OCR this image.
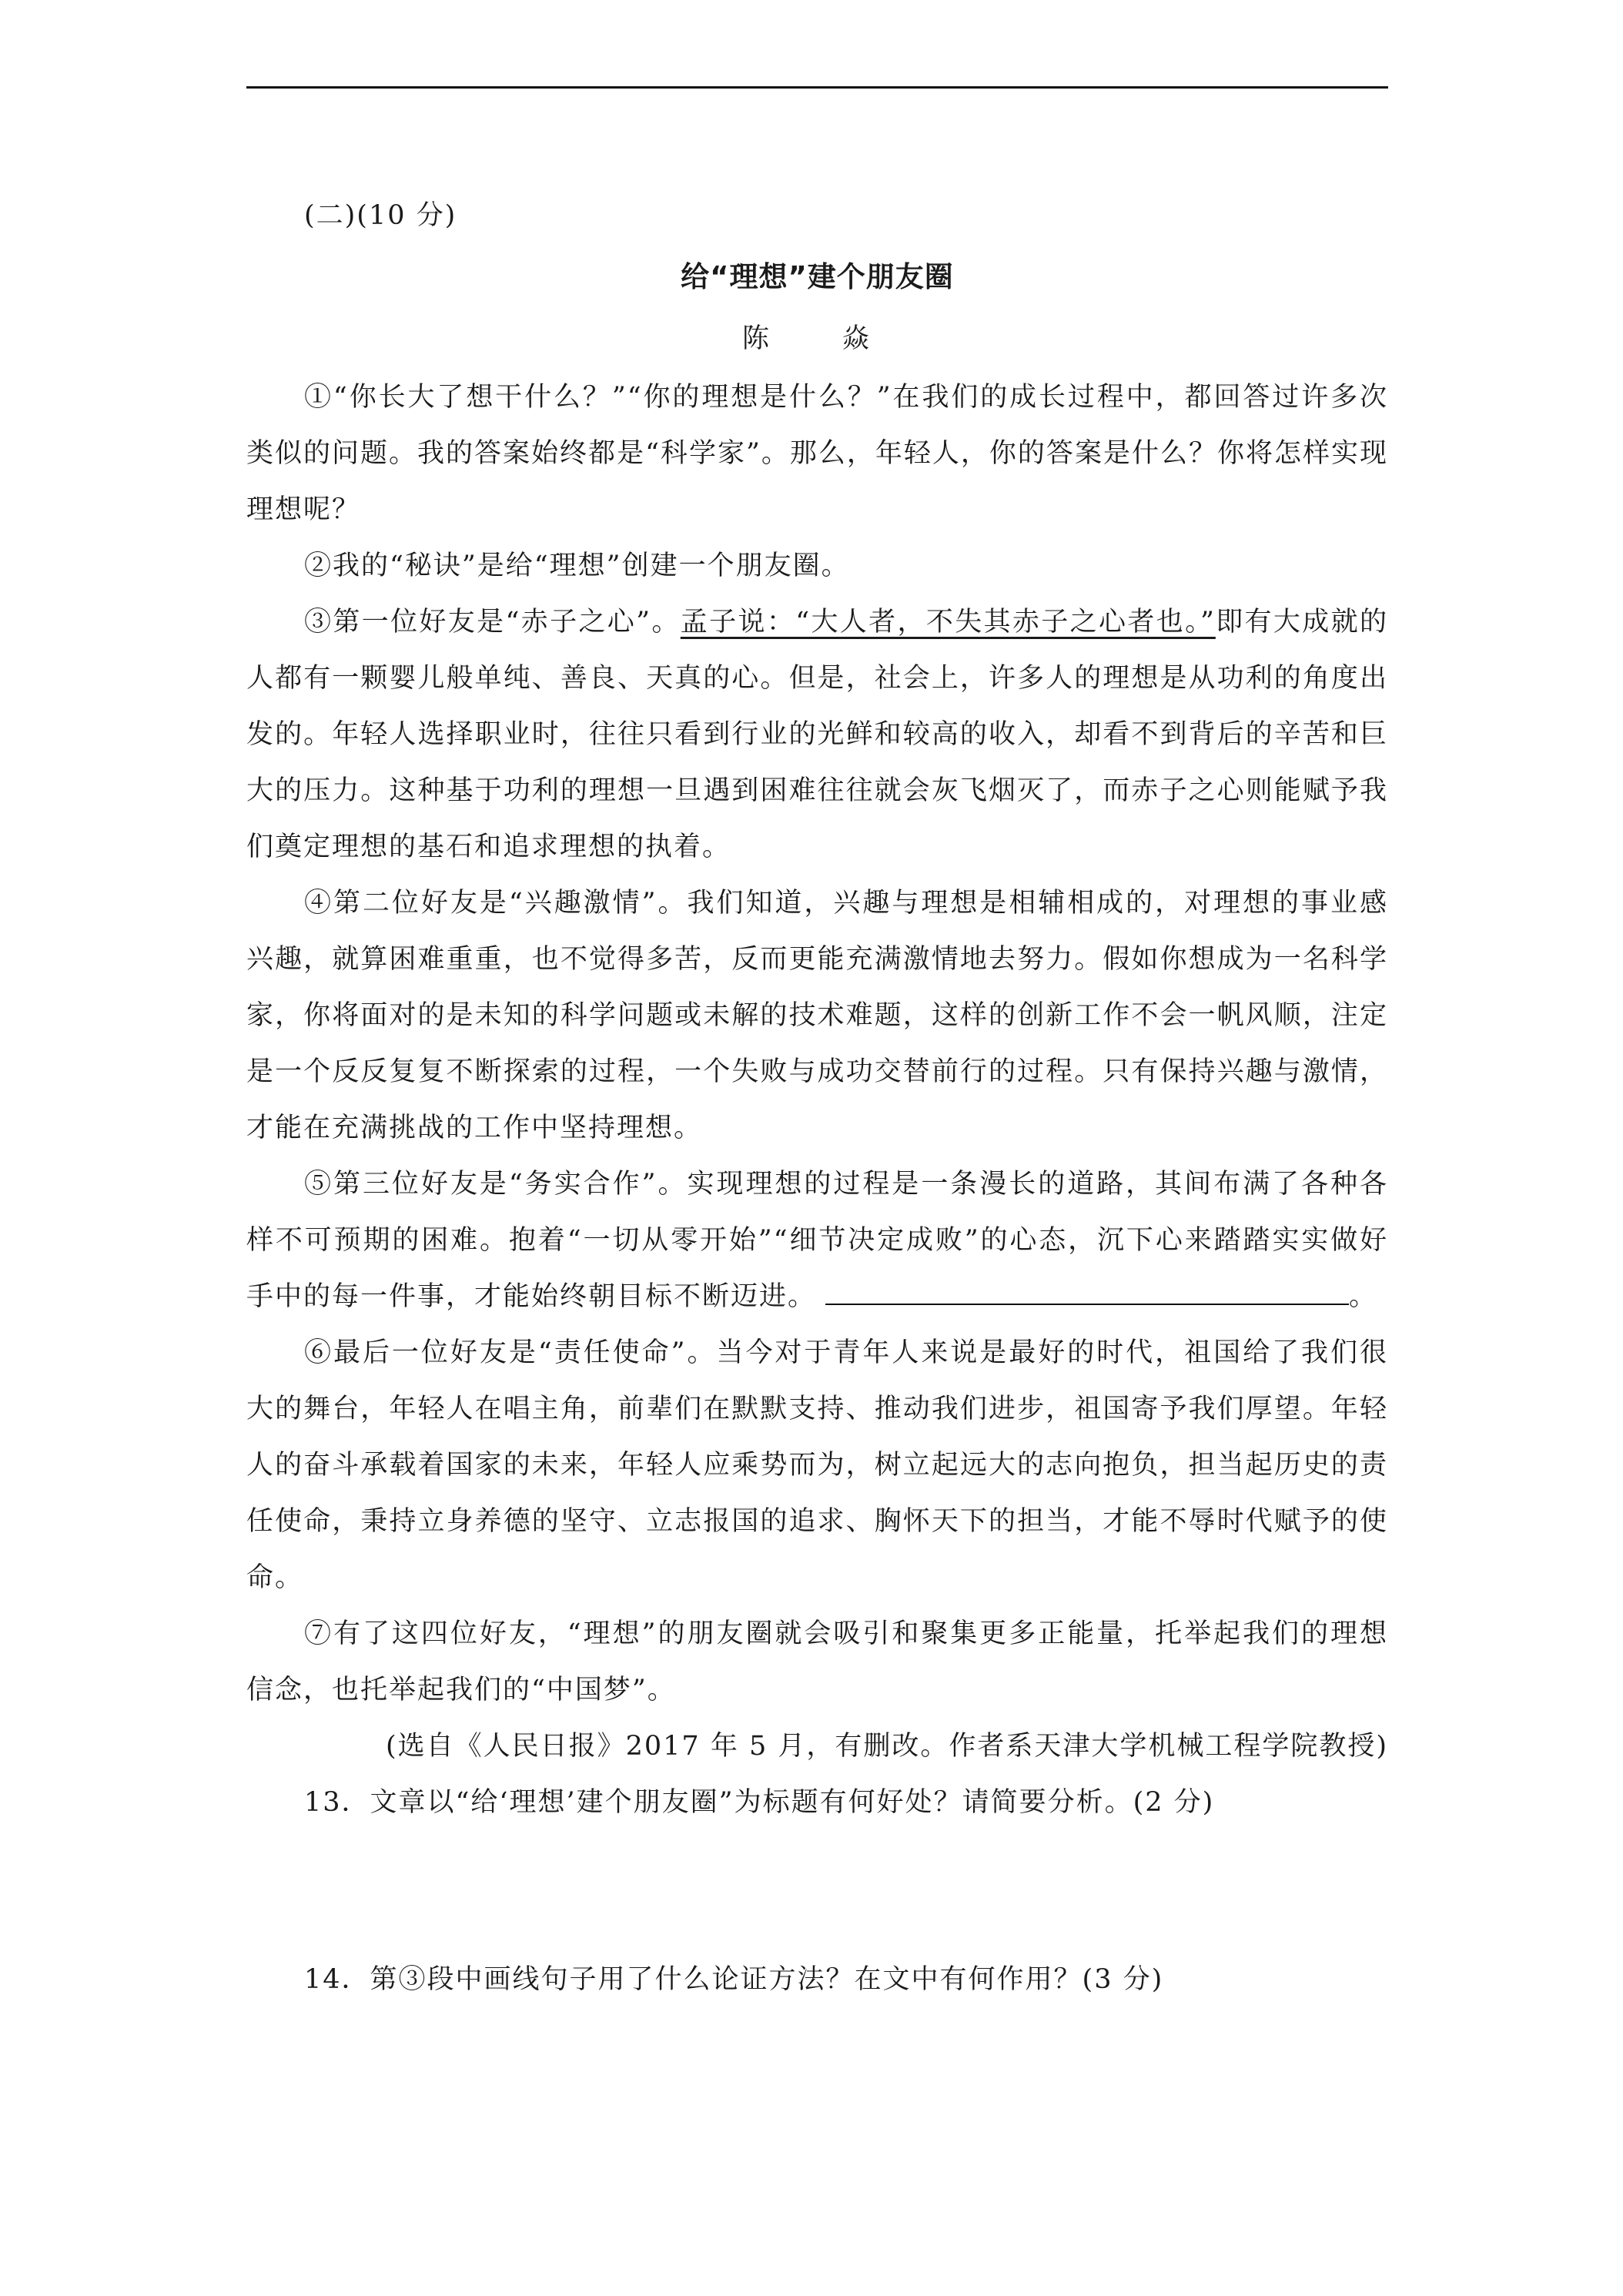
(二)(10 分)
给“理想”建个朋友圈
陈　焱

①“你长大了想干什么？”“你的理想是什么？”在我们的成长过程中，都回答过许多次类似的问题。我的答案始终都是“科学家”。那么，年轻人，你的答案是什么？你将怎样实现理想呢？

②我的“秘诀”是给“理想”创建一个朋友圈。

③第一位好友是“赤子之心”。孟子说：“大人者，不失其赤子之心者也。”即有大成就的人都有一颗婴儿般单纯、善良、天真的心。但是，社会上，许多人的理想是从功利的角度出发的。年轻人选择职业时，往往只看到行业的光鲜和较高的收入，却看不到背后的辛苦和巨大的压力。这种基于功利的理想一旦遇到困难往往就会灰飞烟灭了，而赤子之心则能赋予我们奠定理想的基石和追求理想的执着。

④第二位好友是“兴趣激情”。我们知道，兴趣与理想是相辅相成的，对理想的事业感兴趣，就算困难重重，也不觉得多苦，反而更能充满激情地去努力。假如你想成为一名科学家，你将面对的是未知的科学问题或未解的技术难题，这样的创新工作不会一帆风顺，注定是一个反反复复不断探索的过程，一个失败与成功交替前行的过程。只有保持兴趣与激情，才能在充满挑战的工作中坚持理想。

⑤第三位好友是“务实合作”。实现理想的过程是一条漫长的道路，其间布满了各种各样不可预期的困难。抱着“一切从零开始”“细节决定成败”的心态，沉下心来踏踏实实做好手中的每一件事，才能始终朝目标不断迈进。	。

⑥最后一位好友是“责任使命”。当今对于青年人来说是最好的时代，祖国给了我们很大的舞台，年轻人在唱主角，前辈们在默默支持、推动我们进步，祖国寄予我们厚望。年轻人的奋斗承载着国家的未来，年轻人应乘势而为，树立起远大的志向抱负，担当起历史的责任使命，秉持立身养德的坚守、立志报国的追求、胸怀天下的担当，才能不辱时代赋予的使命。

⑦有了这四位好友，“理想”的朋友圈就会吸引和聚集更多正能量，托举起我们的理想信念，也托举起我们的“中国梦”。

(选自《人民日报》2017 年 5 月，有删改。作者系天津大学机械工程学院教授)

13．文章以“给‘理想’建个朋友圈”为标题有何好处？请简要分析。(2 分)

14．第③段中画线句子用了什么论证方法？在文中有何作用？(3 分)
